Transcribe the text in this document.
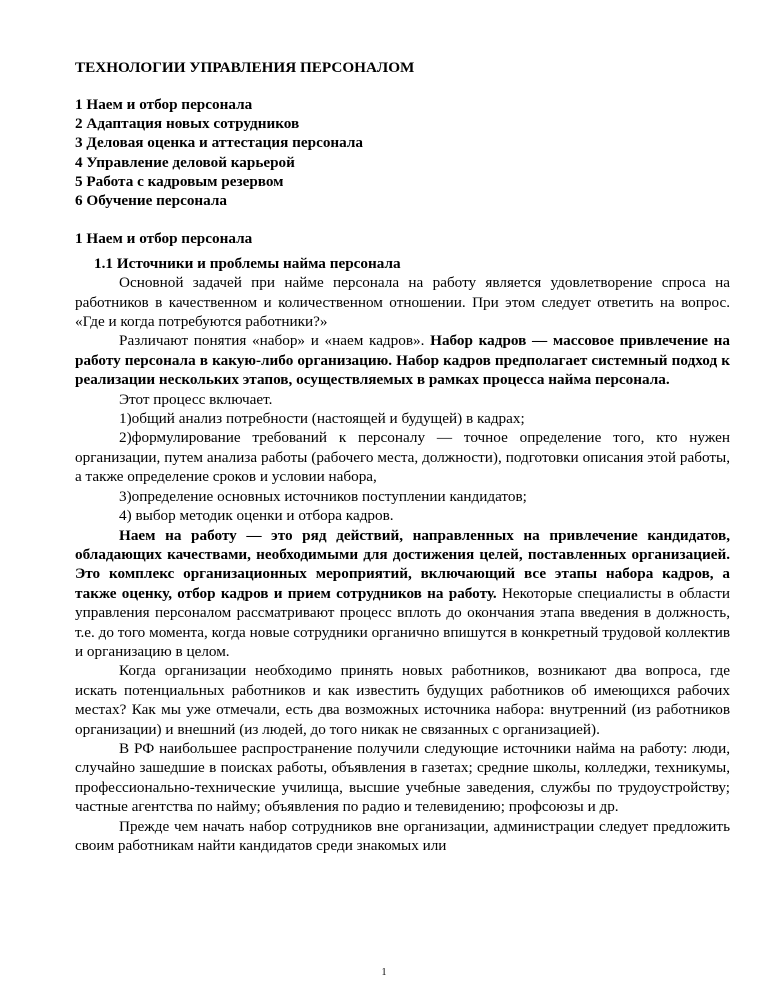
ТЕХНОЛОГИИ УПРАВЛЕНИЯ ПЕРСОНАЛОМ
1 Наем и отбор персонала
2 Адаптация новых сотрудников
3 Деловая оценка и аттестация персонала
4 Управление деловой карьерой
5 Работа с кадровым резервом
6 Обучение персонала
1 Наем и отбор персонала
1.1 Источники и проблемы найма персонала

Основной задачей при найме персонала на работу является удовлетворение спроса на работников в качественном и количественном отношении. При этом следует ответить на вопрос. «Где и когда потребуются работники?»

Различают понятия «набор» и «наем кадров». Набор кадров — массовое привлечение на работу персонала в какую-либо организацию. Набор кадров предполагает системный подход к реализации нескольких этапов, осуществляемых в рамках процесса найма персонала.

Этот процесс включает.

1)общий анализ потребности (настоящей и будущей) в кадрах;

2)формулирование требований к персоналу — точное определение того, кто нужен организации, путем анализа работы (рабочего места, должности), подготовки описания этой работы, а также определение сроков и условии набора,

3)определение основных источников поступлении кандидатов;

4) выбор методик оценки и отбора кадров.

Наем на работу — это ряд действий, направленных на привлечение кандидатов, обладающих качествами, необходимыми для достижения целей, поставленных организацией. Это комплекс организационных мероприятий, включающий все этапы набора кадров, а также оценку, отбор кадров и прием сотрудников на работу. Некоторые специалисты в области управления персоналом рассматривают процесс вплоть до окончания этапа введения в должность, т.е. до того момента, когда новые сотрудники органично впишутся в конкретный трудовой коллектив и организацию в целом.

Когда организации необходимо принять новых работников, возникают два вопроса, где искать потенциальных работников и как известить будущих работников об имеющихся рабочих местах? Как мы уже отмечали, есть два возможных источника набора: внутренний (из работников организации) и внешний (из людей, до того никак не связанных с организацией).

В РФ наибольшее распространение получили следующие источники найма на работу: люди, случайно зашедшие в поисках работы, объявления в газетах; средние школы, колледжи, техникумы, профессионально-технические училища, высшие учебные заведения, службы по трудоустройству; частные агентства по найму; объявления по радио и телевидению; профсоюзы и др.

Прежде чем начать набор сотрудников вне организации, администрации следует предложить своим работникам найти кандидатов среди знакомых или

1
